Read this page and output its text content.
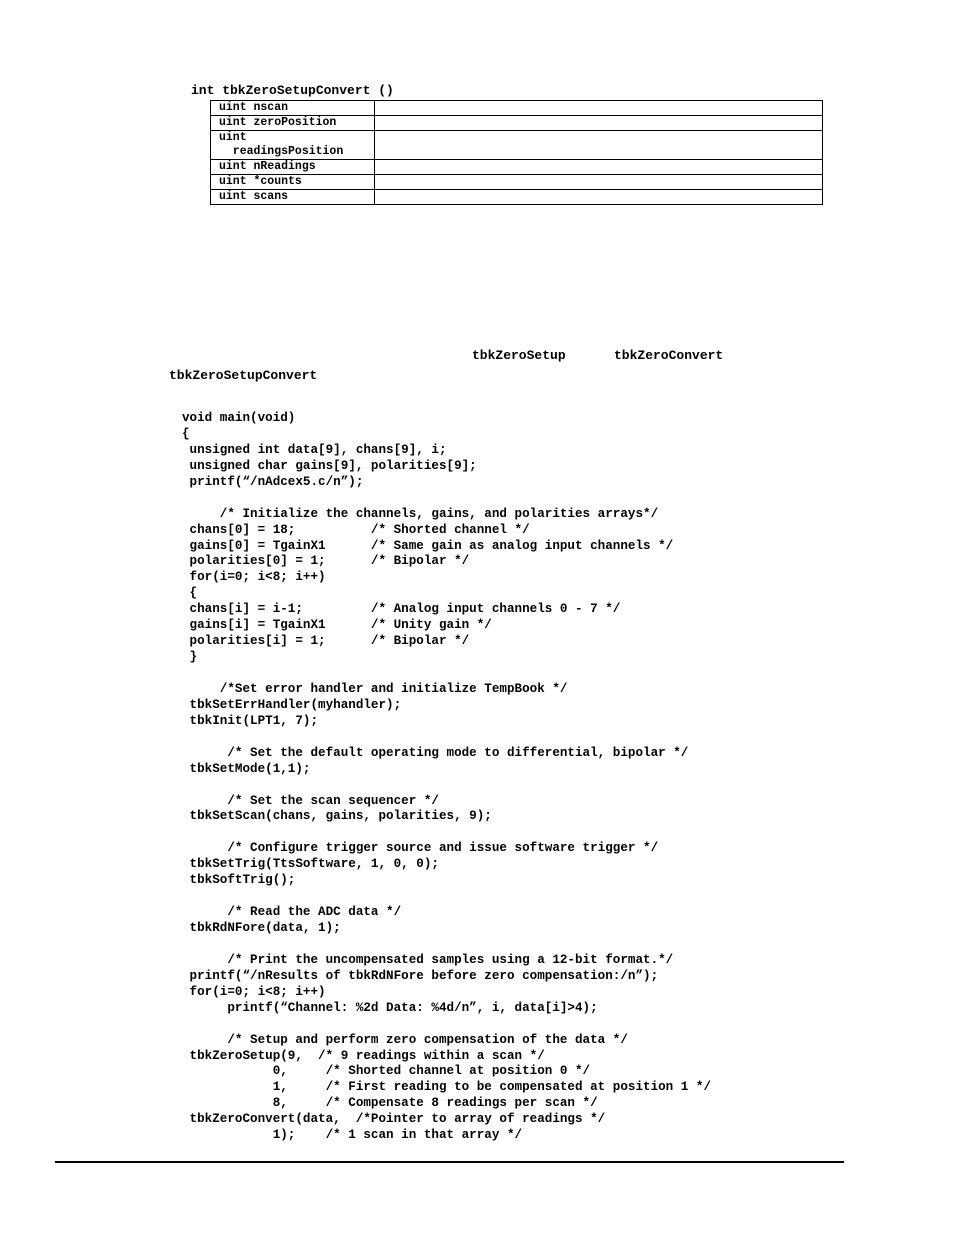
int tbkZeroSetupConvert ()
uint nscan	
uint zeroPosition	
uint
readingsPosition	
uint nReadings	
uint *counts	
uint scans	
tbkZeroSetup	tbkZeroConvert
tbkZeroSetupConvert
void main(void)
{
unsigned int data[9], chans[9], i;
unsigned char gains[9], polarities[9];
printf(“/nAdcex5.c/n”);

/* Initialize the channels, gains, and polarities arrays*/
chans[0] = 18;          /* Shorted channel */
gains[0] = TgainX1      /* Same gain as analog input channels */
polarities[0] = 1;      /* Bipolar */
for(i=0; i<8; i++)
{
chans[i] = i-1;         /* Analog input channels 0 - 7 */
gains[i] = TgainX1      /* Unity gain */
polarities[i] = 1;      /* Bipolar */
}

/*Set error handler and initialize TempBook */
tbkSetErrHandler(myhandler);
tbkInit(LPT1, 7);

/* Set the default operating mode to differential, bipolar */
tbkSetMode(1,1);

/* Set the scan sequencer */
tbkSetScan(chans, gains, polarities, 9);

/* Configure trigger source and issue software trigger */
tbkSetTrig(TtsSoftware, 1, 0, 0);
tbkSoftTrig();

/* Read the ADC data */
tbkRdNFore(data, 1);

/* Print the uncompensated samples using a 12-bit format.*/
printf(“/nResults of tbkRdNFore before zero compensation:/n”);
for(i=0; i<8; i++)
printf(“Channel: %2d Data: %4d/n”, i, data[i]>4);

/* Setup and perform zero compensation of the data */
tbkZeroSetup(9,  /* 9 readings within a scan */
0,     /* Shorted channel at position 0 */
1,     /* First reading to be compensated at position 1 */
8,     /* Compensate 8 readings per scan */
tbkZeroConvert(data,  /*Pointer to array of readings */
1);    /* 1 scan in that array */
